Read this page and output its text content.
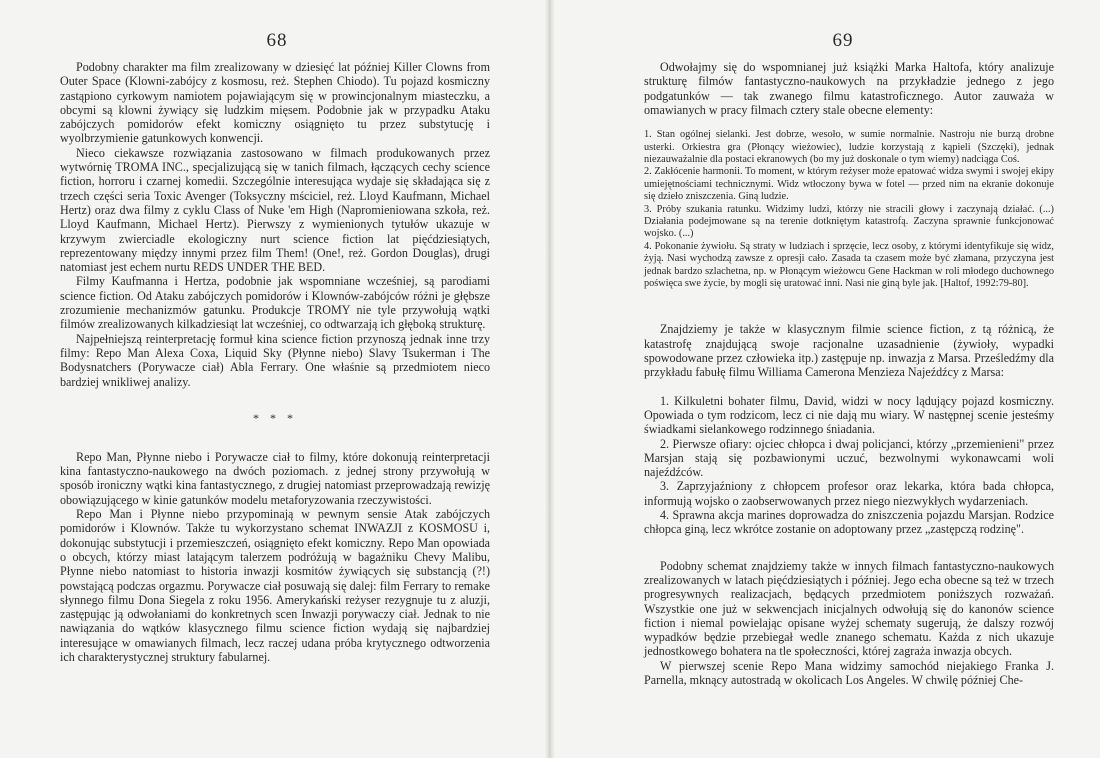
68

Podobny charakter ma film zrealizowany w dziesięć lat później Killer Clowns from Outer Space (Klowni-zabójcy z kosmosu, reż. Stephen Chiodo). Tu pojazd kosmiczny zastąpiono cyrkowym namiotem pojawiającym się w prowincjonalnym miasteczku, a obcymi są klowni żywiący się ludzkim mięsem. Podobnie jak w przypadku Ataku zabójczych pomidorów efekt komiczny osiągnięto tu przez substytucję i wyolbrzymienie gatunkowych konwencji.

Nieco ciekawsze rozwiązania zastosowano w filmach produkowanych przez wytwórnię TROMA INC., specjalizującą się w tanich filmach, łączących cechy science fiction, horroru i czarnej komedii. Szczególnie interesująca wydaje się składająca się z trzech części seria Toxic Avenger (Toksyczny mściciel, reż. Lloyd Kaufmann, Michael Hertz) oraz dwa filmy z cyklu Class of Nuke 'em High (Napromieniowana szkoła, reż. Lloyd Kaufmann, Michael Hertz). Pierwszy z wymienionych tytułów ukazuje w krzywym zwierciadle ekologiczny nurt science fiction lat pięćdziesiątych, reprezentowany między innymi przez film Them! (One!, reż. Gordon Douglas), drugi natomiast jest echem nurtu REDS UNDER THE BED.

Filmy Kaufmanna i Hertza, podobnie jak wspomniane wcześniej, są parodiami science fiction. Od Ataku zabójczych pomidorów i Klownów-zabójców różni je głębsze zrozumienie mechanizmów gatunku. Produkcje TROMY nie tyle przywołują wątki filmów zrealizowanych kilkadziesiąt lat wcześniej, co odtwarzają ich głęboką strukturę.

Najpełniejszą reinterpretację formuł kina science fiction przynoszą jednak inne trzy filmy: Repo Man Alexa Coxa, Liquid Sky (Płynne niebo) Slavy Tsukerman i The Bodysnatchers (Porywacze ciał) Abla Ferrary. One właśnie są przedmiotem nieco bardziej wnikliwej analizy.

* * *

Repo Man, Płynne niebo i Porywacze ciał to filmy, które dokonują reinterpretacji kina fantastyczno-naukowego na dwóch poziomach. z jednej strony przywołują w sposób ironiczny wątki kina fantastycznego, z drugiej natomiast przeprowadzają rewizję obowiązującego w kinie gatunków modelu metaforyzowania rzeczywistości.

Repo Man i Płynne niebo przypominają w pewnym sensie Atak zabójczych pomidorów i Klownów. Także tu wykorzystano schemat INWAZJI z KOSMOSU i, dokonując substytucji i przemieszczeń, osiągnięto efekt komiczny. Repo Man opowiada o obcych, którzy miast latającym talerzem podróżują w bagażniku Chevy Malibu, Płynne niebo natomiast to historia inwazji kosmitów żywiących się substancją (?!) powstającą podczas orgazmu. Porywacze ciał posuwają się dalej: film Ferrary to remake słynnego filmu Dona Siegela z roku 1956. Amerykański reżyser rezygnuje tu z aluzji, zastępując ją odwołaniami do konkretnych scen Inwazji porywaczy ciał. Jednak to nie nawiązania do wątków klasycznego filmu science fiction wydają się najbardziej interesujące w omawianych filmach, lecz raczej udana próba krytycznego odtworzenia ich charakterystycznej struktury fabularnej.

69

Odwołajmy się do wspomnianej już książki Marka Haltofa, który analizuje strukturę filmów fantastyczno-naukowych na przykładzie jednego z jego podgatunków — tak zwanego filmu katastroficznego. Autor zauważa w omawianych w pracy filmach cztery stale obecne elementy:

1. Stan ogólnej sielanki. Jest dobrze, wesoło, w sumie normalnie. Nastroju nie burzą drobne usterki. Orkiestra gra (Płonący wieżowiec), ludzie korzystają z kąpieli (Szczęki), jednak niezauważalnie dla postaci ekranowych (bo my już doskonale o tym wiemy) nadciąga Coś.

2. Zakłócenie harmonii. To moment, w którym reżyser może epatować widza swymi i swojej ekipy umiejętnościami technicznymi. Widz wtłoczony bywa w fotel — przed nim na ekranie dokonuje się dzieło zniszczenia. Giną ludzie.

3. Próby szukania ratunku. Widzimy ludzi, którzy nie stracili głowy i zaczynają działać. (...) Działania podejmowane są na terenie dotkniętym katastrofą. Zaczyna sprawnie funkcjonować wojsko. (...)

4. Pokonanie żywiołu. Są straty w ludziach i sprzęcie, lecz osoby, z którymi identyfikuje się widz, żyją. Nasi wychodzą zawsze z opresji cało. Zasada ta czasem może być złamana, przyczyna jest jednak bardzo szlachetna, np. w Płonącym wieżowcu Gene Hackman w roli młodego duchownego poświęca swe życie, by mogli się uratować inni. Nasi nie giną byle jak. [Haltof, 1992:79-80].

Znajdziemy je także w klasycznym filmie science fiction, z tą różnicą, że katastrofę znajdującą swoje racjonalne uzasadnienie (żywioły, wypadki spowodowane przez człowieka itp.) zastępuje np. inwazja z Marsa. Prześledźmy dla przykładu fabułę filmu Williama Camerona Menzieza Najeźdźcy z Marsa:

1. Kilkuletni bohater filmu, David, widzi w nocy lądujący pojazd kosmiczny. Opowiada o tym rodzicom, lecz ci nie dają mu wiary. W następnej scenie jesteśmy świadkami sielankowego rodzinnego śniadania.

2. Pierwsze ofiary: ojciec chłopca i dwaj policjanci, którzy „przemienieni" przez Marsjan stają się pozbawionymi uczuć, bezwolnymi wykonawcami woli najeźdźców.

3. Zaprzyjaźniony z chłopcem profesor oraz lekarka, która bada chłopca, informują wojsko o zaobserwowanych przez niego niezwykłych wydarzeniach.

4. Sprawna akcja marines doprowadza do zniszczenia pojazdu Marsjan. Rodzice chłopca giną, lecz wkrótce zostanie on adoptowany przez „zastępczą rodzinę".

Podobny schemat znajdziemy także w innych filmach fantastyczno-naukowych zrealizowanych w latach pięćdziesiątych i później. Jego echa obecne są też w trzech progresywnych realizacjach, będących przedmiotem poniższych rozważań. Wszystkie one już w sekwencjach inicjalnych odwołują się do kanonów science fiction i niemal powielając opisane wyżej schematy sugerują, że dalszy rozwój wypadków będzie przebiegał wedle znanego schematu. Każda z nich ukazuje jednostkowego bohatera na tle społeczności, której zagraża inwazja obcych.

W pierwszej scenie Repo Mana widzimy samochód niejakiego Franka J. Parnella, mknący autostradą w okolicach Los Angeles. W chwilę później Che-
